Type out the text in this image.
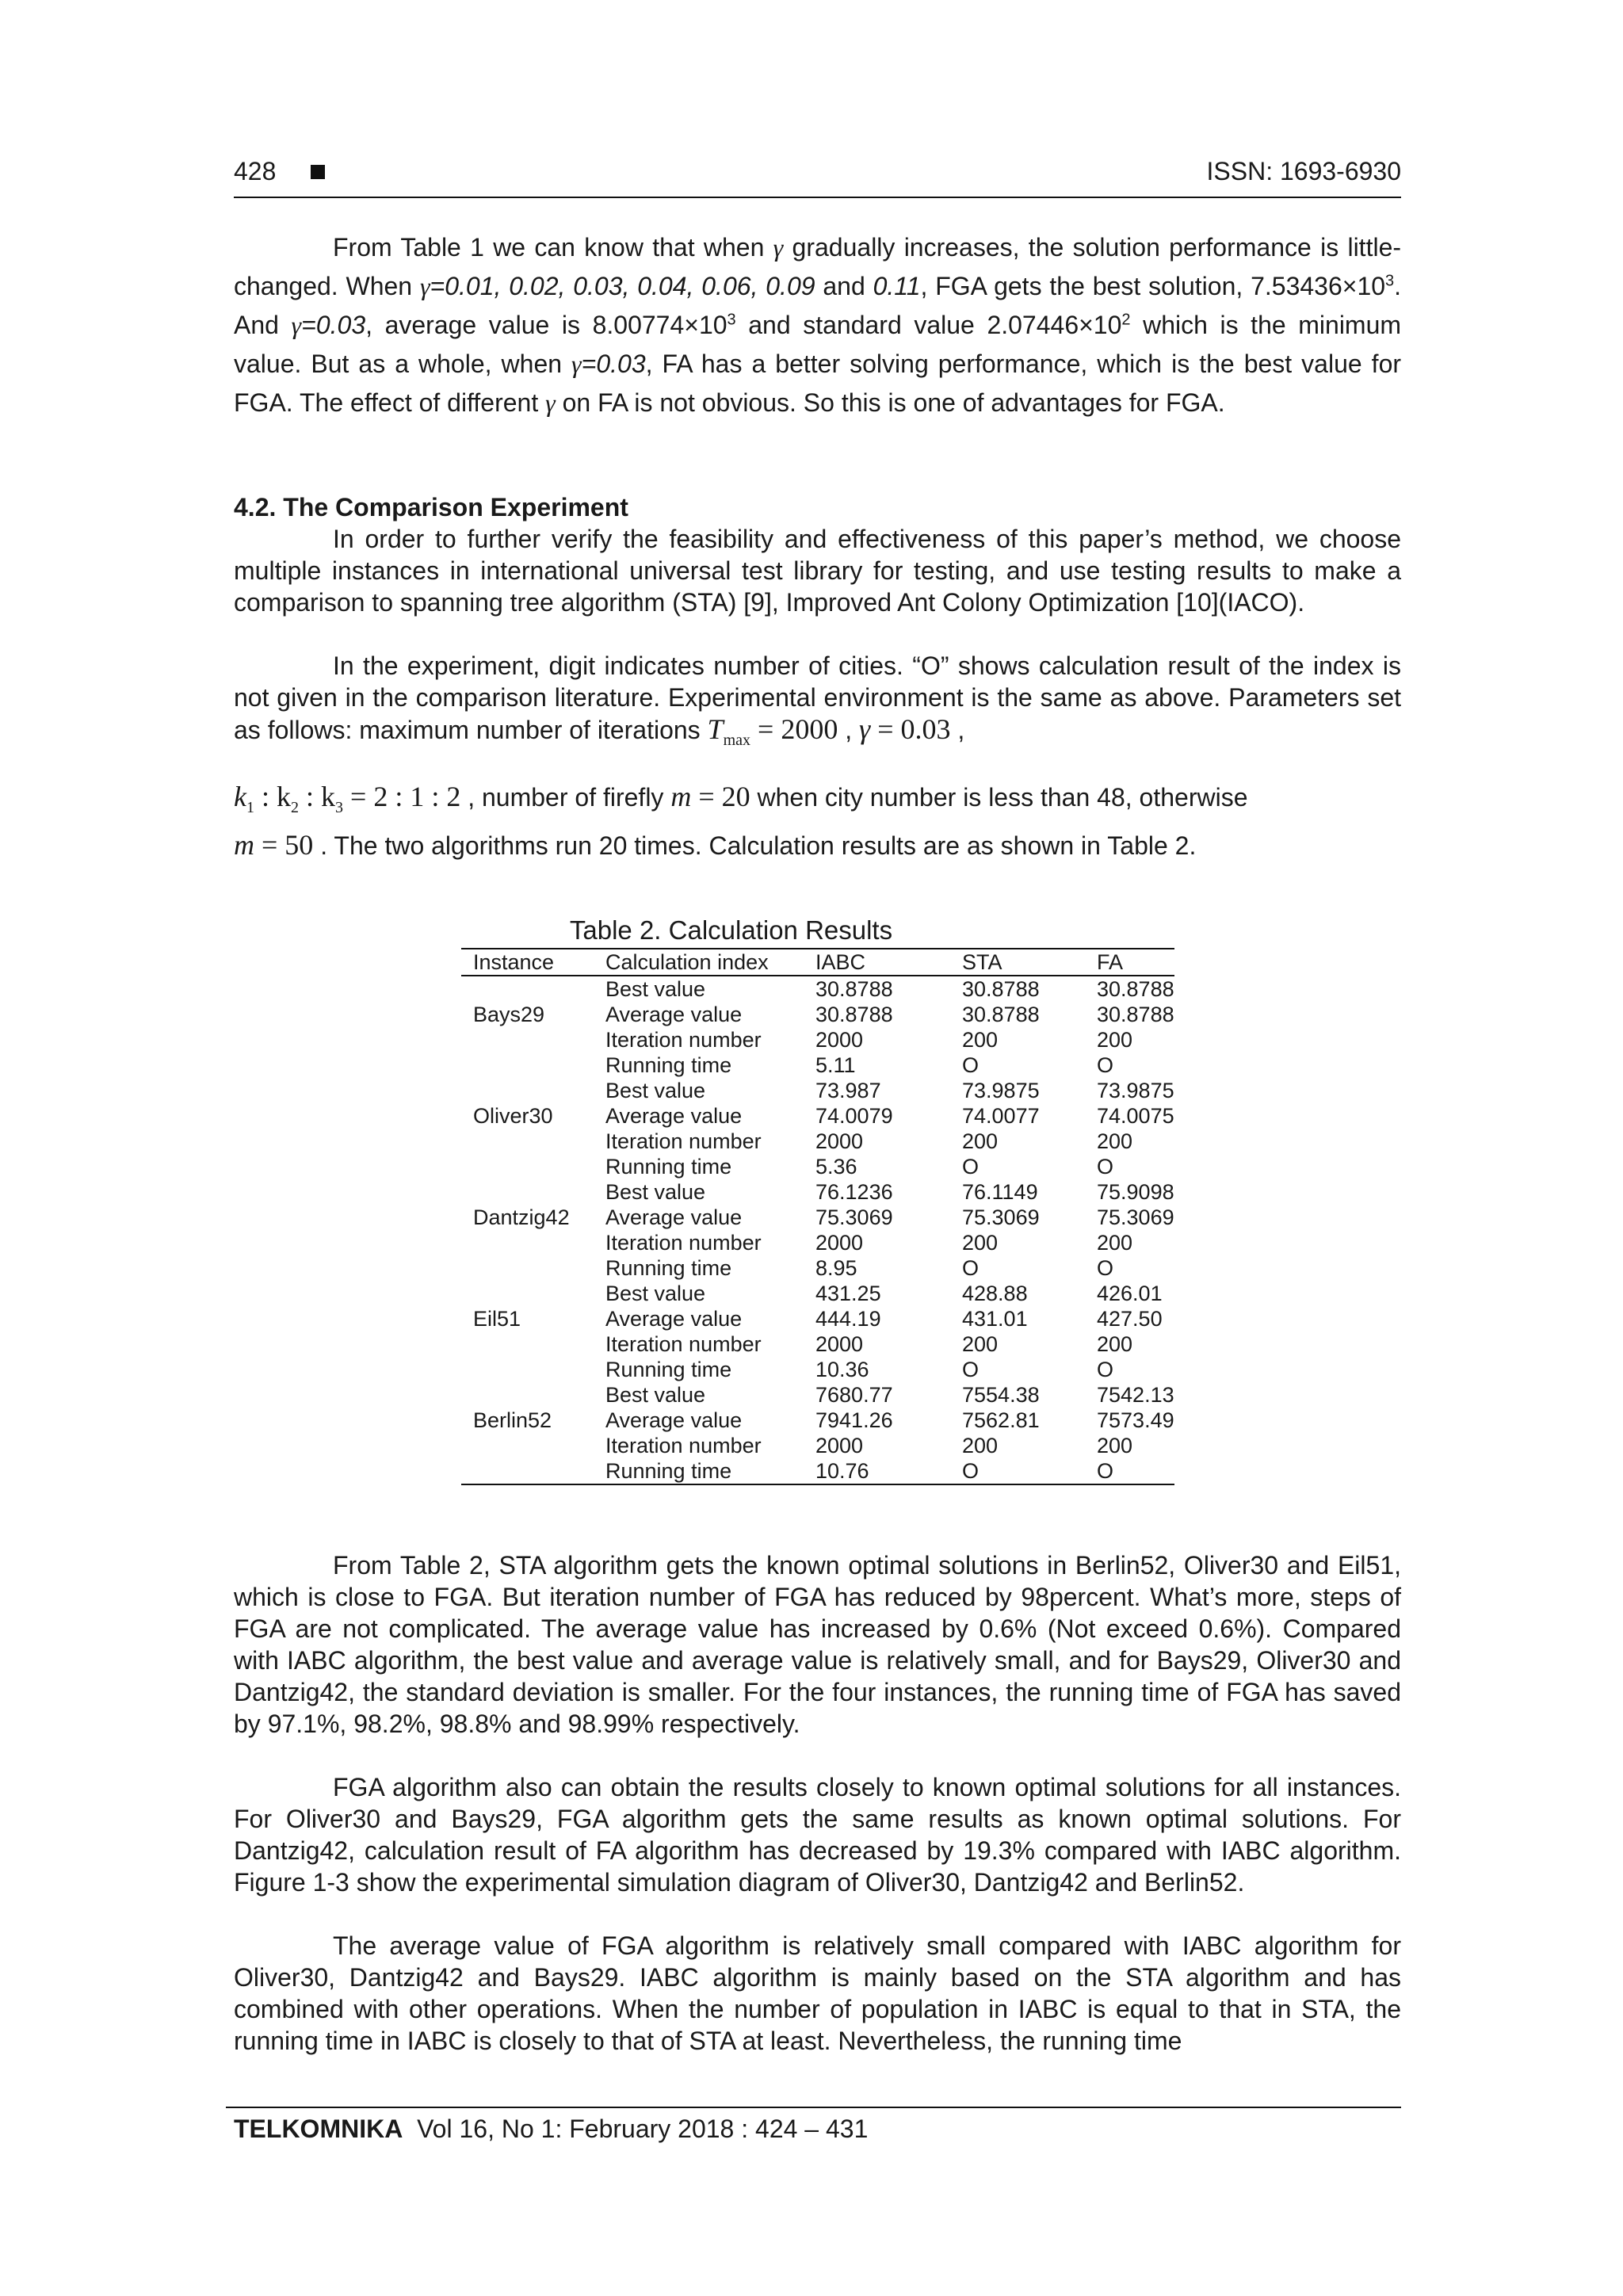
428	ISSN: 1693-6930

From Table 1 we can know that when γ gradually increases, the solution performance is little-changed. When γ=0.01, 0.02, 0.03, 0.04, 0.06, 0.09 and 0.11, FGA gets the best solution, $7.53436\times 10^3$. And γ=0.03, average value is $8.00774\times 10^3$ and standard value $2.07446\times 10^2$ which is the minimum value. But as a whole, when γ=0.03, FA has a better solving performance, which is the best value for FGA. The effect of different γ on FA is not obvious. So this is one of advantages for FGA.

4.2. The Comparison Experiment

In order to further verify the feasibility and effectiveness of this paper’s method, we choose multiple instances in international universal test library for testing, and use testing results to make a comparison to spanning tree algorithm (STA) [9], Improved Ant Colony Optimization [10](IACO).

In the experiment, digit indicates number of cities. “O” shows calculation result of the index is not given in the comparison literature. Experimental environment is the same as above. Parameters set as follows: maximum number of iterations $T_{max} = 2000$ , γ = 0.03 ,

$k_1$ : $k_2$ : $k_3 = 2$ : 1 : 2 , number of firefly m = 20 when city number is less than 48, otherwise
m = 50 . The two algorithms run 20 times. Calculation results are as shown in Table 2.
Table 2. Calculation Results
Instance	Calculation index	IABC	STA	FA
	Best value	30.8788	30.8788	30.8788
Bays29	Average value	30.8788	30.8788	30.8788
	Iteration number	2000	200	200
	Running time	5.11	O	O
	Best value	73.987	73.9875	73.9875
Oliver30	Average value	74.0079	74.0077	74.0075
	Iteration number	2000	200	200
	Running time	5.36	O	O
	Best value	76.1236	76.1149	75.9098
Dantzig42	Average value	75.3069	75.3069	75.3069
	Iteration number	2000	200	200
	Running time	8.95	O	O
	Best value	431.25	428.88	426.01
Eil51	Average value	444.19	431.01	427.50
	Iteration number	2000	200	200
	Running time	10.36	O	O
	Best value	7680.77	7554.38	7542.13
Berlin52	Average value	7941.26	7562.81	7573.49
	Iteration number	2000	200	200
	Running time	10.76	O	O

From Table 2, STA algorithm gets the known optimal solutions in Berlin52, Oliver30 and Eil51, which is close to FGA. But iteration number of FGA has reduced by 98percent. What’s more, steps of FGA are not complicated. The average value has increased by 0.6% (Not exceed 0.6%). Compared with IABC algorithm, the best value and average value is relatively small, and for Bays29, Oliver30 and Dantzig42, the standard deviation is smaller. For the four instances, the running time of FGA has saved by 97.1%, 98.2%, 98.8% and 98.99% respectively.

FGA algorithm also can obtain the results closely to known optimal solutions for all instances. For Oliver30 and Bays29, FGA algorithm gets the same results as known optimal solutions. For Dantzig42, calculation result of FA algorithm has decreased by 19.3% compared with IABC algorithm. Figure 1-3 show the experimental simulation diagram of Oliver30, Dantzig42 and Berlin52.

The average value of FGA algorithm is relatively small compared with IABC algorithm for Oliver30, Dantzig42 and Bays29. IABC algorithm is mainly based on the STA algorithm and has combined with other operations. When the number of population in IABC is equal to that in STA, the running time in IABC is closely to that of STA at least. Nevertheless, the running time

TELKOMNIKA Vol 16, No 1: February 2018 : 424 – 431
